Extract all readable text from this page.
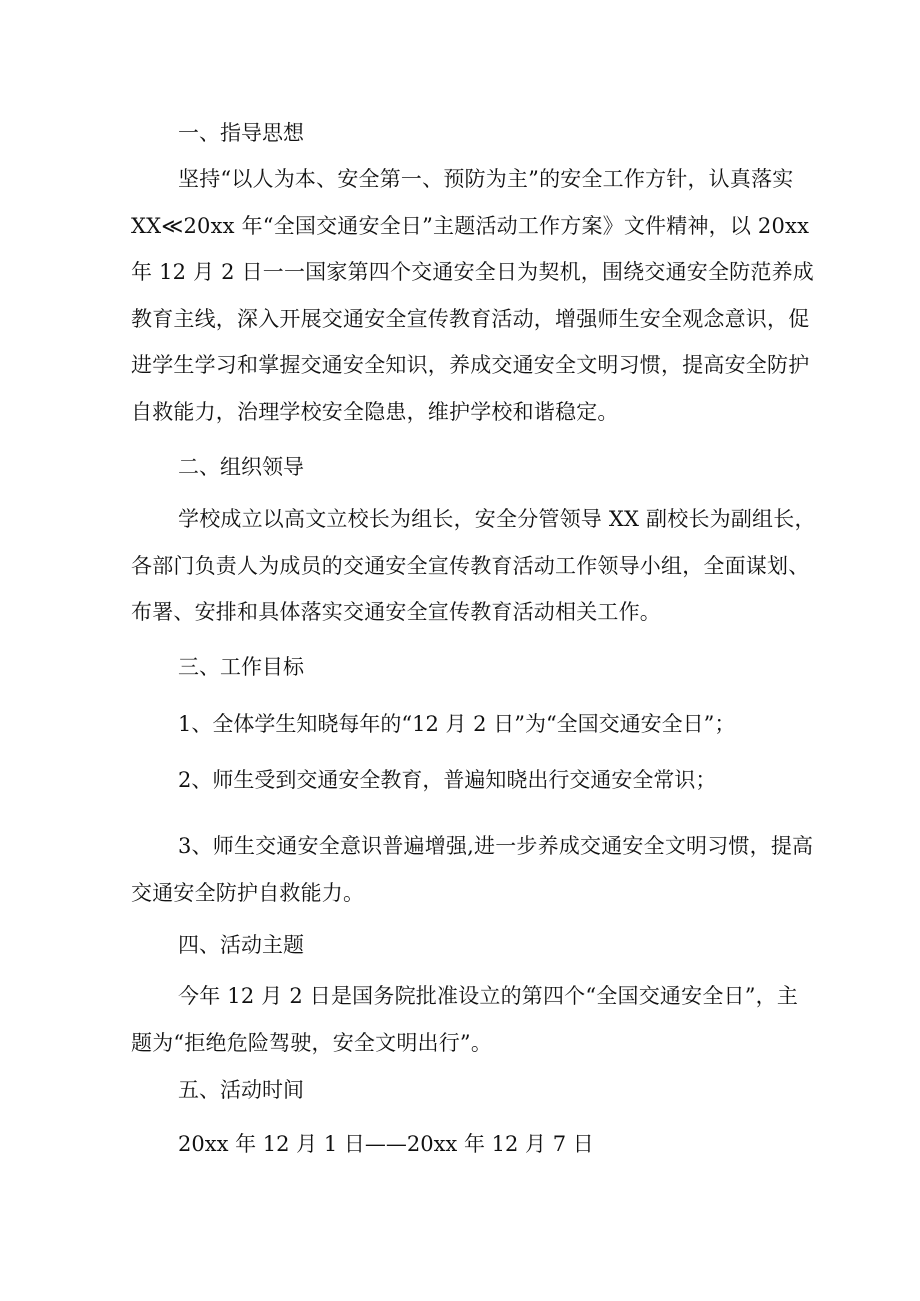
一、指导思想
坚持“以人为本、安全第一、预防为主”的安全工作方针，认真落实
XX≪20xx 年“全国交通安全日”主题活动工作方案》文件精神，以 20xx
年 12 月 2 日一一国家第四个交通安全日为契机，围绕交通安全防范养成
教育主线，深入开展交通安全宣传教育活动，增强师生安全观念意识，促
进学生学习和掌握交通安全知识，养成交通安全文明习惯，提高安全防护
自救能力，治理学校安全隐患，维护学校和谐稳定。
二、组织领导
学校成立以高文立校长为组长，安全分管领导 XX 副校长为副组长，
各部门负责人为成员的交通安全宣传教育活动工作领导小组，全面谋划、
布署、安排和具体落实交通安全宣传教育活动相关工作。
三、工作目标
1、全体学生知晓每年的“12 月 2 日”为“全国交通安全日”；
2、师生受到交通安全教育，普遍知晓出行交通安全常识；
3、师生交通安全意识普遍增强,进一步养成交通安全文明习惯，提高
交通安全防护自救能力。
四、活动主题
今年 12 月 2 日是国务院批准设立的第四个“全国交通安全日”，主
题为“拒绝危险驾驶，安全文明出行”。
五、活动时间
20xx 年 12 月 1 日——20xx 年 12 月 7 日
